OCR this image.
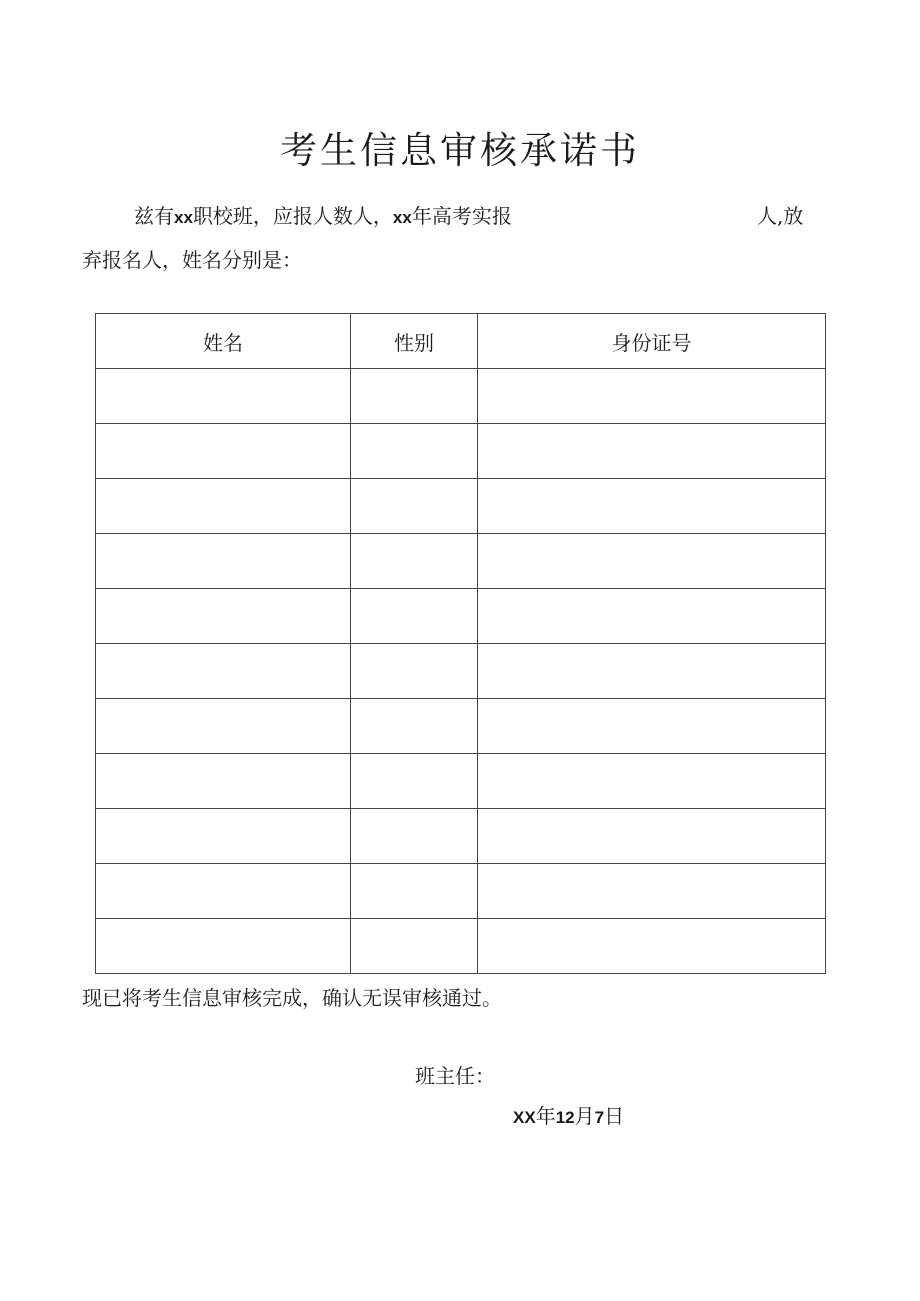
考生信息审核承诺书
兹有xx职校班，应报人数人，xx年高考实报	人,放
弃报名人，姓名分别是：
姓名	性别	身份证号

现已将考生信息审核完成，确认无误审核通过。
班主任：
XX年12月7日
